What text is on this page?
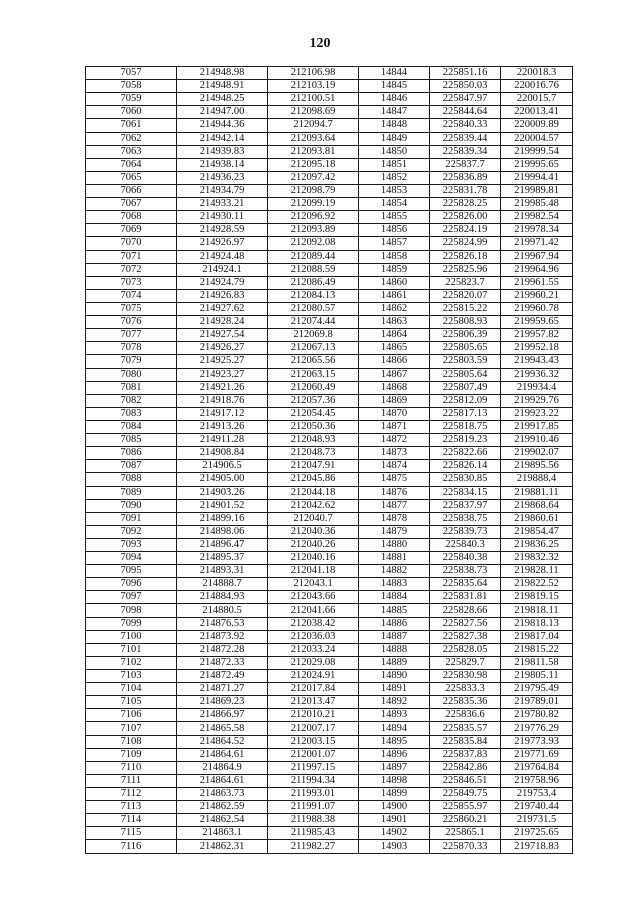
120
7057	214948.98	212106.98	14844	225851.16	220018.3
7058	214948.91	212103.19	14845	225850.03	220016.76
7059	214948.25	212100.51	14846	225847.97	220015.7
7060	214947.00	212098.69	14847	225844.64	220013.41
7061	214944.36	212094.7	14848	225840.33	220009.89
7062	214942.14	212093.64	14849	225839.44	220004.57
7063	214939.83	212093.81	14850	225839.34	219999.54
7064	214938.14	212095.18	14851	225837.7	219995.65
7065	214936.23	212097.42	14852	225836.89	219994.41
7066	214934.79	212098.79	14853	225831.78	219989.81
7067	214933.21	212099.19	14854	225828.25	219985.48
7068	214930.11	212096.92	14855	225826.00	219982.54
7069	214928.59	212093.89	14856	225824.19	219978.34
7070	214926.97	212092.08	14857	225824.99	219971.42
7071	214924.48	212089.44	14858	225826.18	219967.94
7072	214924.1	212088.59	14859	225825.96	219964.96
7073	214924.79	212086.49	14860	225823.7	219961.55
7074	214926.83	212084.13	14861	225820.07	219960.21
7075	214927.62	212080.57	14862	225815.22	219960.78
7076	214928.24	212074.44	14863	225808.93	219959.65
7077	214927.54	212069.8	14864	225806.39	219957.82
7078	214926.27	212067.13	14865	225805.65	219952.18
7079	214925.27	212065.56	14866	225803.59	219943.43
7080	214923.27	212063.15	14867	225805.64	219936.32
7081	214921.26	212060.49	14868	225807.49	219934.4
7082	214918.76	212057.36	14869	225812.09	219929.76
7083	214917.12	212054.45	14870	225817.13	219923.22
7084	214913.26	212050.36	14871	225818.75	219917.85
7085	214911.28	212048.93	14872	225819.23	219910.46
7086	214908.84	212048.73	14873	225822.66	219902.07
7087	214906.5	212047.91	14874	225826.14	219895.56
7088	214905.00	212045.86	14875	225830.85	219888.4
7089	214903.26	212044.18	14876	225834.15	219881.11
7090	214901.52	212042.62	14877	225837.97	219868.64
7091	214899.16	212040.7	14878	225838.75	219860.61
7092	214898.06	212040.36	14879	225839.73	219854.47
7093	214896.47	212040.26	14880	225840.3	219836.25
7094	214895.37	212040.16	14881	225840.38	219832.32
7095	214893.31	212041.18	14882	225838.73	219828.11
7096	214888.7	212043.1	14883	225835.64	219822.52
7097	214884.93	212043.66	14884	225831.81	219819.15
7098	214880.5	212041.66	14885	225828.66	219818.11
7099	214876.53	212038.42	14886	225827.56	219818.13
7100	214873.92	212036.03	14887	225827.38	219817.04
7101	214872.28	212033.24	14888	225828.05	219815.22
7102	214872.33	212029.08	14889	225829.7	219811.58
7103	214872.49	212024.91	14890	225830.98	219805.11
7104	214871.27	212017.84	14891	225833.3	219795.49
7105	214869.23	212013.47	14892	225835.36	219789.01
7106	214866.97	212010.21	14893	225836.6	219780.82
7107	214865.58	212007.17	14894	225835.57	219776.29
7108	214864.52	212003.15	14895	225835.84	219773.93
7109	214864.61	212001.07	14896	225837.83	219771.69
7110	214864.9	211997.15	14897	225842.86	219764.84
7111	214864.61	211994.34	14898	225846.51	219758.96
7112	214863.73	211993.01	14899	225849.75	219753.4
7113	214862.59	211991.07	14900	225855.97	219740.44
7114	214862.54	211988.38	14901	225860.21	219731.5
7115	214863.1	211985.43	14902	225865.1	219725.65
7116	214862.31	211982.27	14903	225870.33	219718.83
